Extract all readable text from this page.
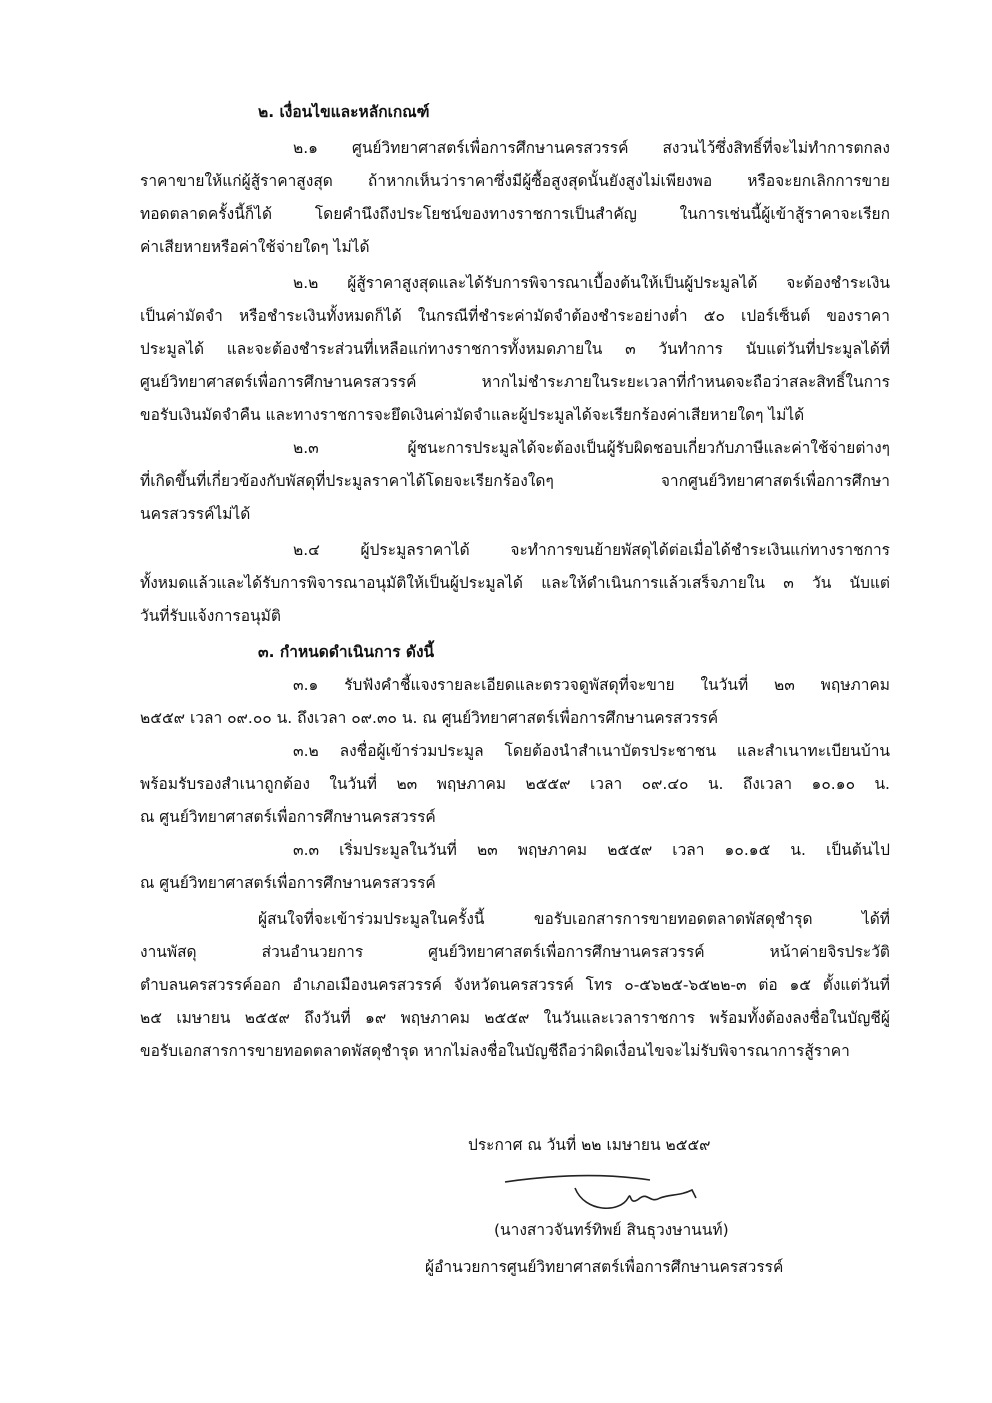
๒. เงื่อนไขและหลักเกณฑ์
๒.๑ ศูนย์วิทยาศาสตร์เพื่อการศึกษานครสวรรค์ สงวนไว้ซึ่งสิทธิ์ที่จะไม่ทำการตกลง
ราคาขายให้แก่ผู้สู้ราคาสูงสุด ถ้าหากเห็นว่าราคาซึ่งมีผู้ซื้อสูงสุดนั้นยังสูงไม่เพียงพอ หรือจะยกเลิกการขาย
ทอดตลาดครั้งนี้ก็ได้ โดยคำนึงถึงประโยชน์ของทางราชการเป็นสำคัญ ในการเช่นนี้ผู้เข้าสู้ราคาจะเรียก
ค่าเสียหายหรือค่าใช้จ่ายใดๆ ไม่ได้
๒.๒ ผู้สู้ราคาสูงสุดและได้รับการพิจารณาเบื้องต้นให้เป็นผู้ประมูลได้ จะต้องชำระเงิน
เป็นค่ามัดจำ หรือชำระเงินทั้งหมดก็ได้ ในกรณีที่ชำระค่ามัดจำต้องชำระอย่างต่ำ ๕๐ เปอร์เซ็นต์ ของราคา
ประมูลได้ และจะต้องชำระส่วนที่เหลือแก่ทางราชการทั้งหมดภายใน ๓ วันทำการ นับแต่วันที่ประมูลได้ที่
ศูนย์วิทยาศาสตร์เพื่อการศึกษานครสวรรค์ หากไม่ชำระภายในระยะเวลาที่กำหนดจะถือว่าสละสิทธิ์ในการ
ขอรับเงินมัดจำคืน และทางราชการจะยึดเงินค่ามัดจำและผู้ประมูลได้จะเรียกร้องค่าเสียหายใดๆ ไม่ได้
๒.๓ ผู้ชนะการประมูลได้จะต้องเป็นผู้รับผิดชอบเกี่ยวกับภาษีและค่าใช้จ่ายต่างๆ
ที่เกิดขึ้นที่เกี่ยวข้องกับพัสดุที่ประมูลราคาได้โดยจะเรียกร้องใดๆ จากศูนย์วิทยาศาสตร์เพื่อการศึกษา
นครสวรรค์ไม่ได้
๒.๔ ผู้ประมูลราคาได้ จะทำการขนย้ายพัสดุได้ต่อเมื่อได้ชำระเงินแก่ทางราชการ
ทั้งหมดแล้วและได้รับการพิจารณาอนุมัติให้เป็นผู้ประมูลได้ และให้ดำเนินการแล้วเสร็จภายใน ๓ วัน นับแต่
วันที่รับแจ้งการอนุมัติ
๓. กำหนดดำเนินการ ดังนี้
๓.๑ รับฟังคำชี้แจงรายละเอียดและตรวจดูพัสดุที่จะขาย ในวันที่ ๒๓ พฤษภาคม
๒๕๕๙ เวลา ๐๙.๐๐ น. ถึงเวลา ๐๙.๓๐ น. ณ ศูนย์วิทยาศาสตร์เพื่อการศึกษานครสวรรค์
๓.๒ ลงชื่อผู้เข้าร่วมประมูล โดยต้องนำสำเนาบัตรประชาชน และสำเนาทะเบียนบ้าน
พร้อมรับรองสำเนาถูกต้อง ในวันที่ ๒๓ พฤษภาคม ๒๕๕๙ เวลา ๐๙.๔๐ น. ถึงเวลา ๑๐.๑๐ น.
ณ ศูนย์วิทยาศาสตร์เพื่อการศึกษานครสวรรค์
๓.๓ เริ่มประมูลในวันที่ ๒๓ พฤษภาคม ๒๕๕๙ เวลา ๑๐.๑๕ น. เป็นต้นไป
ณ ศูนย์วิทยาศาสตร์เพื่อการศึกษานครสวรรค์
ผู้สนใจที่จะเข้าร่วมประมูลในครั้งนี้ ขอรับเอกสารการขายทอดตลาดพัสดุชำรุด ได้ที่
งานพัสดุ ส่วนอำนวยการ ศูนย์วิทยาศาสตร์เพื่อการศึกษานครสวรรค์ หน้าค่ายจิรประวัติ
ตำบลนครสวรรค์ออก อำเภอเมืองนครสวรรค์ จังหวัดนครสวรรค์ โทร ๐-๕๖๒๕-๖๕๒๒-๓ ต่อ ๑๕ ตั้งแต่วันที่
๒๕ เมษายน ๒๕๕๙ ถึงวันที่ ๑๙ พฤษภาคม ๒๕๕๙ ในวันและเวลาราชการ พร้อมทั้งต้องลงชื่อในบัญชีผู้
ขอรับเอกสารการขายทอดตลาดพัสดุชำรุด หากไม่ลงชื่อในบัญชีถือว่าผิดเงื่อนไขจะไม่รับพิจารณาการสู้ราคา
ประกาศ ณ วันที่ ๒๒ เมษายน ๒๕๕๙
(นางสาวจันทร์ทิพย์ สินธุวงษานนท์)
ผู้อำนวยการศูนย์วิทยาศาสตร์เพื่อการศึกษานครสวรรค์
